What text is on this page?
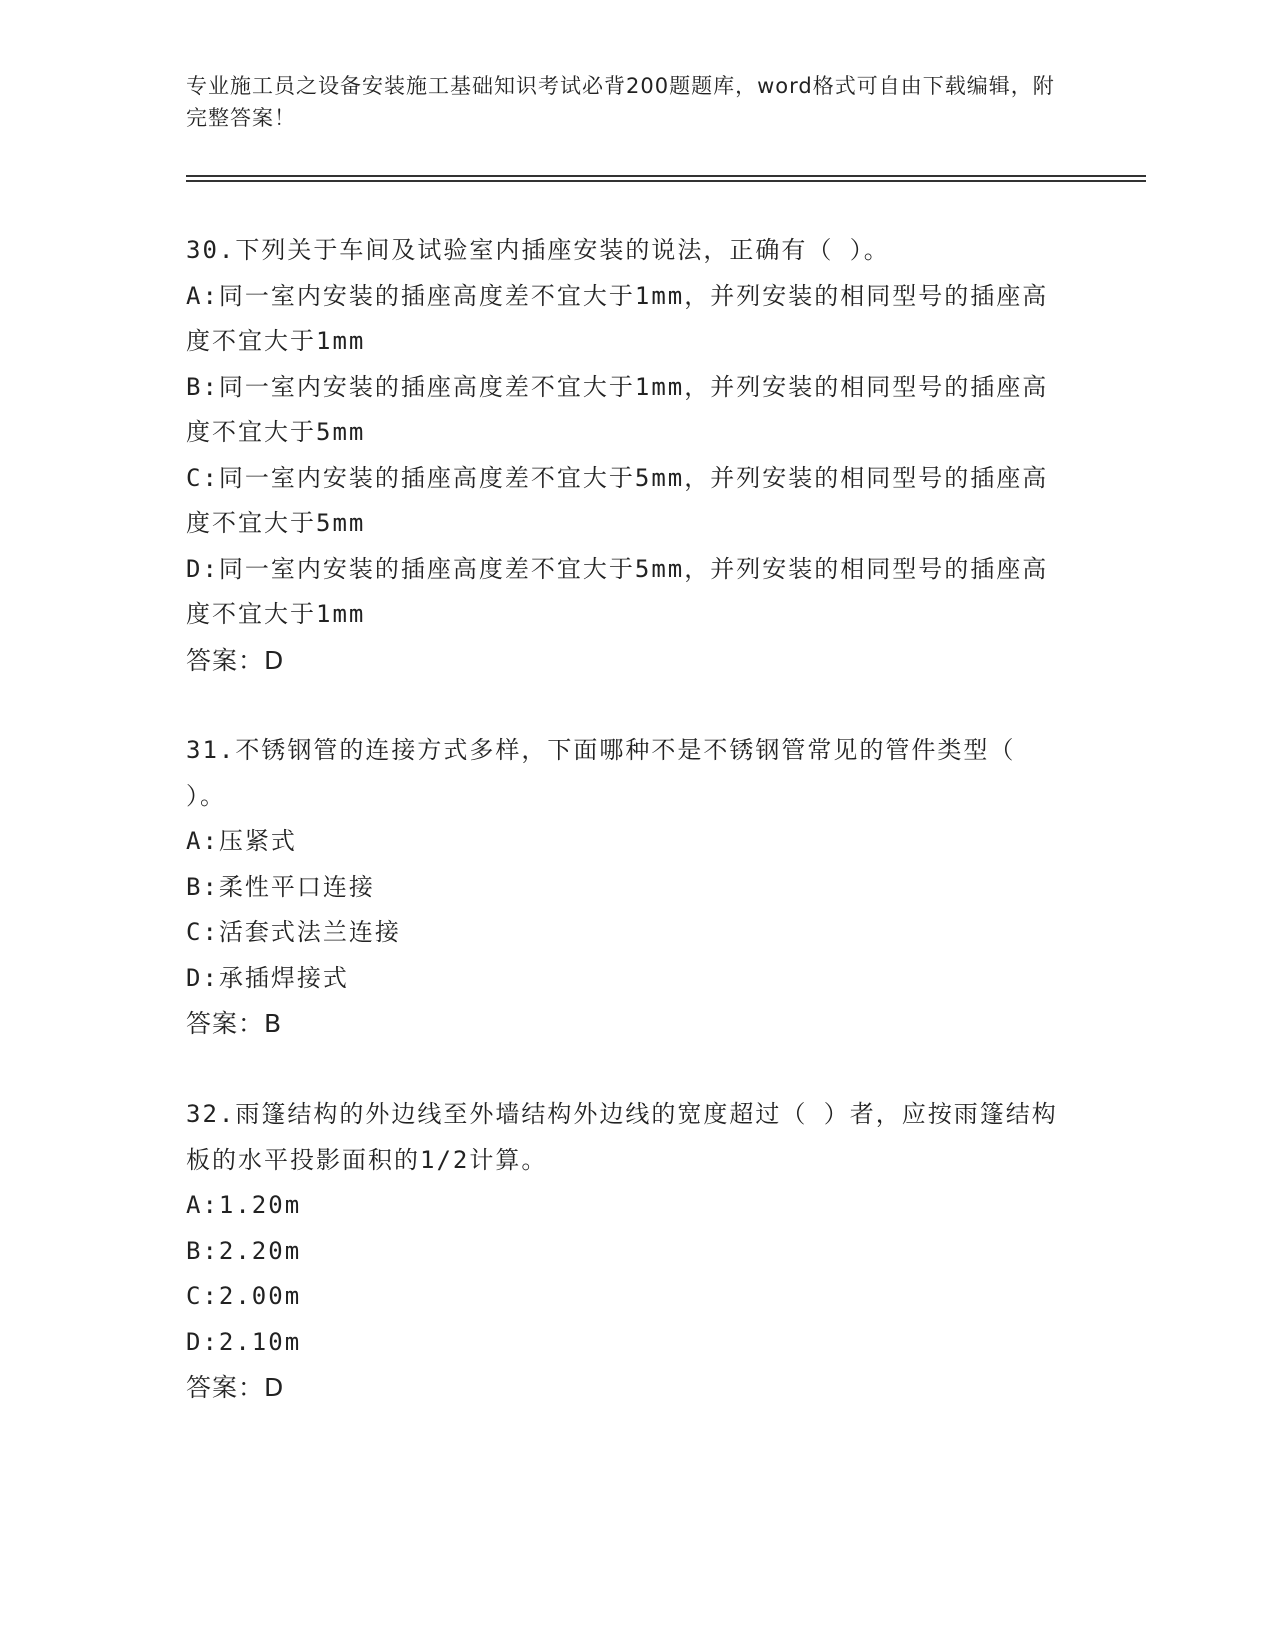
专业施工员之设备安装施工基础知识考试必背200题题库，word格式可自由下载编辑，附完整答案！
30.下列关于车间及试验室内插座安装的说法，正确有（ ）。
A:同一室内安装的插座高度差不宜大于1mm，并列安装的相同型号的插座高度不宜大于1mm
B:同一室内安装的插座高度差不宜大于1mm，并列安装的相同型号的插座高度不宜大于5mm
C:同一室内安装的插座高度差不宜大于5mm，并列安装的相同型号的插座高度不宜大于5mm
D:同一室内安装的插座高度差不宜大于5mm，并列安装的相同型号的插座高度不宜大于1mm
答案：D
31.不锈钢管的连接方式多样，下面哪种不是不锈钢管常见的管件类型（ ）。
A:压紧式
B:柔性平口连接
C:活套式法兰连接
D:承插焊接式
答案：B
32.雨篷结构的外边线至外墙结构外边线的宽度超过（ ）者，应按雨篷结构板的水平投影面积的1/2计算。
A:1.20m
B:2.20m
C:2.00m
D:2.10m
答案：D
